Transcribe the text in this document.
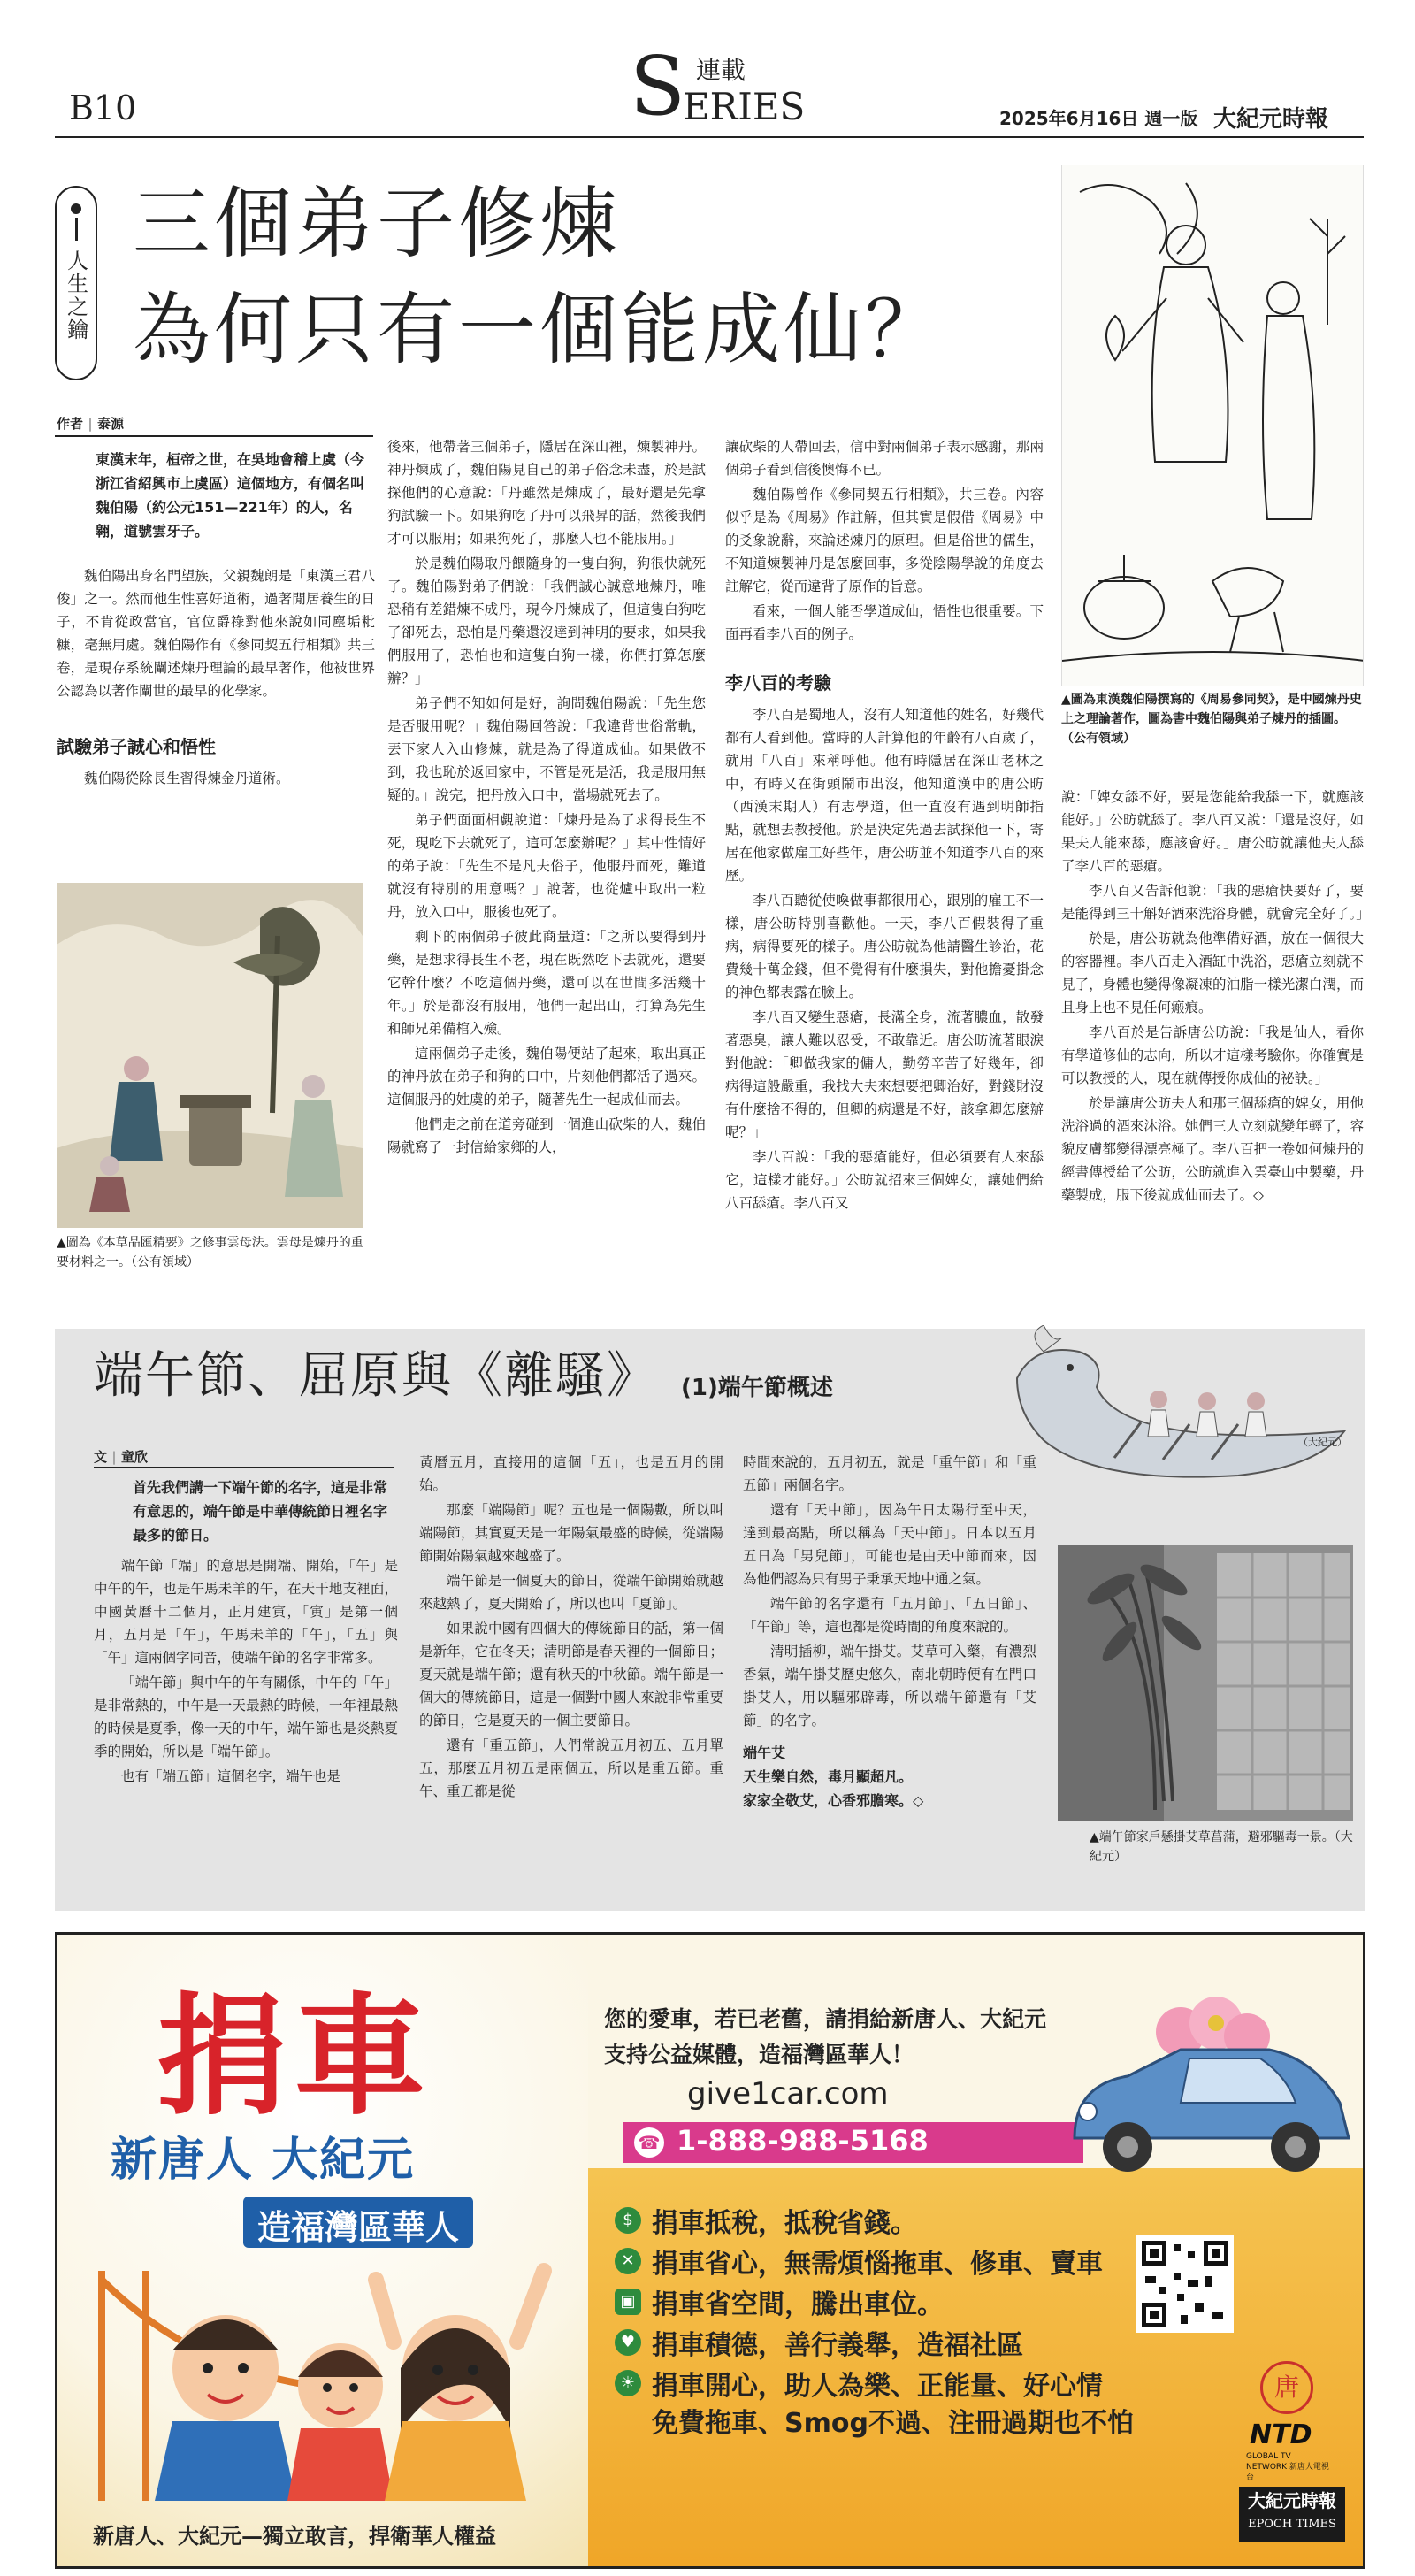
B10
連載
S
ERIES	2025年6月16日 週一版 大紀元時報
人生之鑰
三個弟子修煉
為何只有一個能成仙？
作者 | 泰源
東漢末年，桓帝之世，在吳地會稽上虞（今浙江省紹興市上虞區）這個地方，有個名叫魏伯陽（約公元151—221年）的人，名翱，道號雲牙子。

魏伯陽出身名門望族，父親魏朗是「東漢三君八俊」之一。然而他生性喜好道術，過著閒居養生的日子，不肯從政當官，官位爵祿對他來說如同塵垢粃糠，毫無用處。魏伯陽作有《參同契五行相類》共三卷，是現存系統闡述煉丹理論的最早著作，他被世界公認為以著作闡世的最早的化學家。

試驗弟子誠心和悟性

魏伯陽從除長生習得煉金丹道術。

▲圖為《本草品匯精要》之修事雲母法。雲母是煉丹的重要材料之一。（公有領域）

後來，他帶著三個弟子，隱居在深山裡，煉製神丹。神丹煉成了，魏伯陽見自己的弟子俗念未盡，於是試探他們的心意說：「丹雖然是煉成了，最好還是先拿狗試驗一下。如果狗吃了丹可以飛昇的話，然後我們才可以服用；如果狗死了，那麼人也不能服用。」

於是魏伯陽取丹餵隨身的一隻白狗，狗很快就死了。魏伯陽對弟子們說：「我們誠心誠意地煉丹，唯恐稍有差錯煉不成丹，現今丹煉成了，但這隻白狗吃了卻死去，恐怕是丹藥還沒達到神明的要求，如果我們服用了，恐怕也和這隻白狗一樣，你們打算怎麼辦？」

弟子們不知如何是好，詢問魏伯陽說：「先生您是否服用呢？」魏伯陽回答說：「我違背世俗常軌，丟下家人入山修煉，就是為了得道成仙。如果做不到，我也恥於返回家中，不管是死是活，我是服用無疑的。」說完，把丹放入口中，當場就死去了。

弟子們面面相覷說道：「煉丹是為了求得長生不死，現吃下去就死了，這可怎麼辦呢？」其中性情好的弟子說：「先生不是凡夫俗子，他服丹而死，難道就沒有特別的用意嗎？」說著，也從爐中取出一粒丹，放入口中，服後也死了。

剩下的兩個弟子彼此商量道：「之所以要得到丹藥，是想求得長生不老，現在既然吃下去就死，還要它幹什麼？不吃這個丹藥，還可以在世間多活幾十年。」於是都沒有服用，他們一起出山，打算為先生和師兄弟備棺入殮。

這兩個弟子走後，魏伯陽便站了起來，取出真正的神丹放在弟子和狗的口中，片刻他們都活了過來。這個服丹的姓虞的弟子，隨著先生一起成仙而去。

他們走之前在道旁碰到一個進山砍柴的人，魏伯陽就寫了一封信給家鄉的人，

讓砍柴的人帶回去，信中對兩個弟子表示感謝，那兩個弟子看到信後懊悔不已。

魏伯陽曾作《參同契五行相類》，共三卷。內容似乎是為《周易》作註解，但其實是假借《周易》中的爻象說辭，來論述煉丹的原理。但是俗世的儒生，不知道煉製神丹是怎麼回事，多從陰陽學說的角度去註解它，從而違背了原作的旨意。

看來，一個人能否學道成仙，悟性也很重要。下面再看李八百的例子。

李八百的考驗

李八百是蜀地人，沒有人知道他的姓名，好幾代都有人看到他。當時的人計算他的年齡有八百歲了，就用「八百」來稱呼他。他有時隱居在深山老林之中，有時又在街頭鬧市出沒，他知道漢中的唐公昉（西漢末期人）有志學道，但一直沒有遇到明師指點，就想去教授他。於是決定先過去試探他一下，寄居在他家做雇工好些年，唐公昉並不知道李八百的來歷。

李八百聽從使喚做事都很用心，跟別的雇工不一樣，唐公昉特別喜歡他。一天，李八百假裝得了重病，病得要死的樣子。唐公昉就為他請醫生診治，花費幾十萬金錢，但不覺得有什麼損失，對他擔憂掛念的神色都表露在臉上。

李八百又變生惡瘡，長滿全身，流著膿血，散發著惡臭，讓人難以忍受，不敢靠近。唐公昉流著眼淚對他說：「卿做我家的傭人，勤勞辛苦了好幾年，卻病得這般嚴重，我找大夫來想要把卿治好，對錢財沒有什麼捨不得的，但卿的病還是不好，該拿卿怎麼辦呢？」

李八百說：「我的惡瘡能好，但必須要有人來舔它，這樣才能好。」公昉就招來三個婢女，讓她們給八百舔瘡。李八百又

▲圖為東漢魏伯陽撰寫的《周易參同契》，是中國煉丹史上之理論著作，圖為書中魏伯陽與弟子煉丹的插圖。（公有領域）

說：「婢女舔不好，要是您能給我舔一下，就應該能好。」公昉就舔了。李八百又說：「還是沒好，如果夫人能來舔，應該會好。」唐公昉就讓他夫人舔了李八百的惡瘡。

李八百又告訴他說：「我的惡瘡快要好了，要是能得到三十斛好酒來洗浴身體，就會完全好了。」

於是，唐公昉就為他準備好酒，放在一個很大的容器裡。李八百走入酒缸中洗浴，惡瘡立刻就不見了，身體也變得像凝凍的油脂一樣光潔白潤，而且身上也不見任何瘢痕。

李八百於是告訴唐公昉說：「我是仙人，看你有學道修仙的志向，所以才這樣考驗你。你確實是可以教授的人，現在就傳授你成仙的祕訣。」

於是讓唐公昉夫人和那三個舔瘡的婢女，用他洗浴過的酒來沐浴。她們三人立刻就變年輕了，容貌皮膚都變得漂亮極了。李八百把一卷如何煉丹的經書傳授給了公昉，公昉就進入雲臺山中製藥，丹藥製成，服下後就成仙而去了。◇

端午節、屈原與《離騷》 (1)端午節概述
（大紀元）
文 | 童欣
首先我們講一下端午節的名字，這是非常有意思的，端午節是中華傳統節日裡名字最多的節日。

端午節「端」的意思是開端、開始，「午」是中午的午，也是午馬未羊的午，在天干地支裡面，中國黃曆十二個月，正月建寅，「寅」是第一個月，五月是「午」，午馬未羊的「午」，「五」與「午」這兩個字同音，使端午節的名字非常多。

「端午節」與中午的午有關係，中午的「午」是非常熱的，中午是一天最熱的時候，一年裡最熱的時候是夏季，像一天的中午，端午節也是炎熱夏季的開始，所以是「端午節」。

也有「端五節」這個名字，端午也是

黃曆五月，直接用的這個「五」，也是五月的開始。

那麼「端陽節」呢？五也是一個陽數，所以叫端陽節，其實夏天是一年陽氣最盛的時候，從端陽節開始陽氣越來越盛了。

端午節是一個夏天的節日，從端午節開始就越來越熱了，夏天開始了，所以也叫「夏節」。

如果說中國有四個大的傳統節日的話，第一個是新年，它在冬天；清明節是春天裡的一個節日；夏天就是端午節；還有秋天的中秋節。端午節是一個大的傳統節日，這是一個對中國人來說非常重要的節日，它是夏天的一個主要節日。

還有「重五節」，人們常說五月初五、五月單五，那麼五月初五是兩個五，所以是重五節。重午、重五都是從

時間來說的，五月初五，就是「重午節」和「重五節」兩個名字。

還有「天中節」，因為午日太陽行至中天，達到最高點，所以稱為「天中節」。日本以五月五日為「男兒節」，可能也是由天中節而來，因為他們認為只有男子秉承天地中通之氣。

端午節的名字還有「五月節」、「五日節」、「午節」等，這也都是從時間的角度來說的。

清明插柳，端午掛艾。艾草可入藥，有濃烈香氣，端午掛艾歷史悠久，南北朝時便有在門口掛艾人，用以驅邪辟毒，所以端午節還有「艾節」的名字。

端午艾
天生樂自然，毒月顯超凡。
家家全敬艾，心香邪膽寒。◇
▲端午節家戶懸掛艾草菖蒲，避邪驅毒一景。（大紀元）
捐車
新唐人 大紀元
造福灣區華人
新唐人、大紀元—獨立敢言，捍衛華人權益
您的愛車，若已老舊，請捐給新唐人、大紀元
支持公益媒體，造福灣區華人！
give1car.com
☎ 1-888-988-5168
$ 捐車抵稅，抵稅省錢。
✕ 捐車省心，無需煩惱拖車、修車、賣車
▣ 捐車省空間，騰出車位。
♥ 捐車積德，善行義舉，造福社區
☀ 捐車開心，助人為樂、正能量、好心情
免費拖車、Smog不過、注冊過期也不怕
唐
NTD
GLOBAL TV NETWORK 新唐人電視台
大紀元時報
EPOCH TIMES
